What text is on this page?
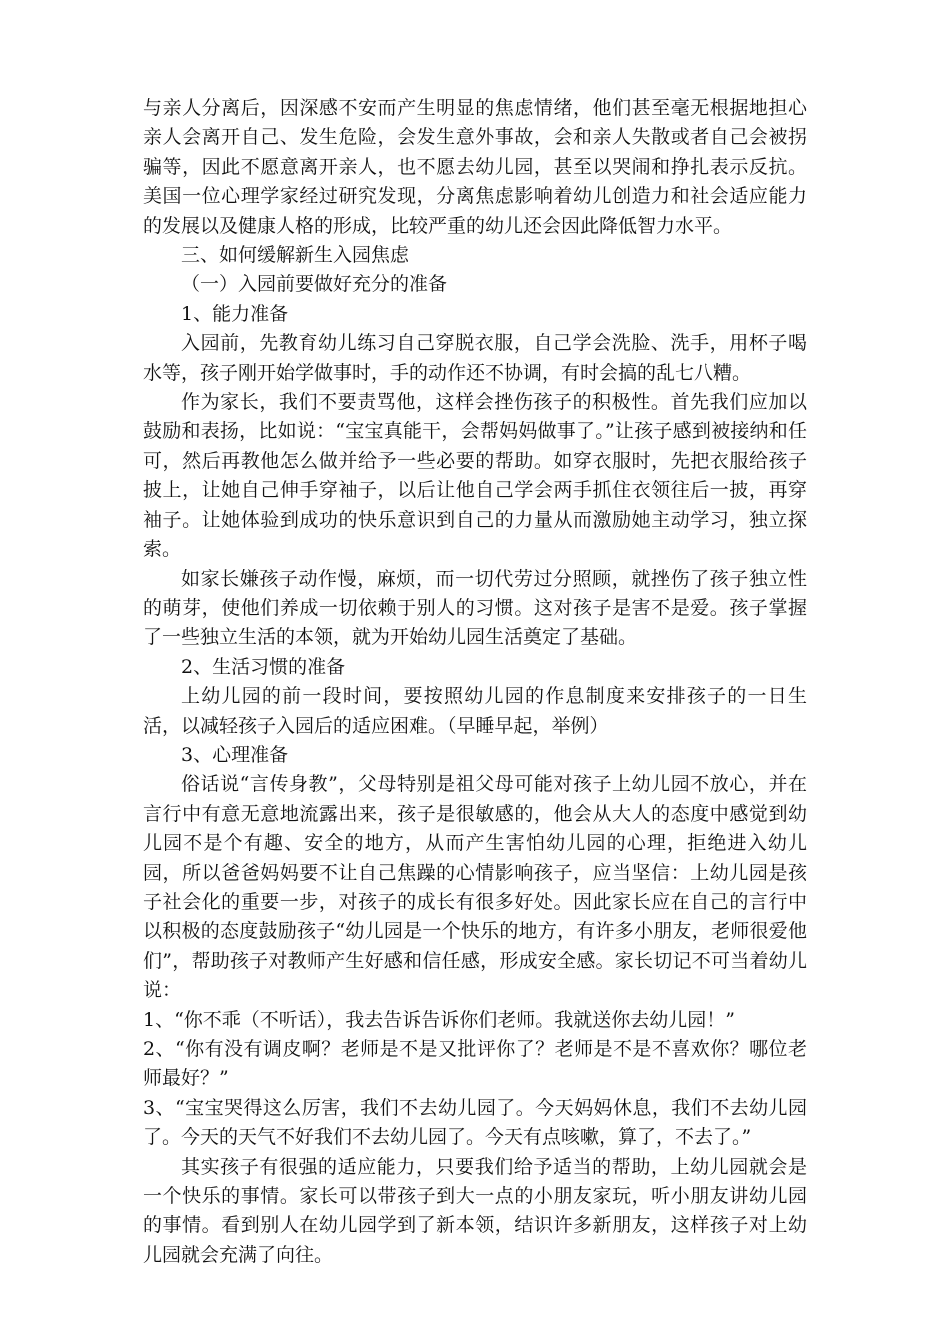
与亲人分离后，因深感不安而产生明显的焦虑情绪，他们甚至毫无根据地担心亲人会离开自己、发生危险，会发生意外事故，会和亲人失散或者自己会被拐骗等，因此不愿意离开亲人，也不愿去幼儿园，甚至以哭闹和挣扎表示反抗。美国一位心理学家经过研究发现，分离焦虑影响着幼儿创造力和社会适应能力的发展以及健康人格的形成，比较严重的幼儿还会因此降低智力水平。

三、如何缓解新生入园焦虑

（一）入园前要做好充分的准备

1、能力准备

入园前，先教育幼儿练习自己穿脱衣服，自己学会洗脸、洗手，用杯子喝水等，孩子刚开始学做事时，手的动作还不协调，有时会搞的乱七八糟。

作为家长，我们不要责骂他，这样会挫伤孩子的积极性。首先我们应加以鼓励和表扬，比如说：“宝宝真能干，会帮妈妈做事了。”让孩子感到被接纳和任可，然后再教他怎么做并给予一些必要的帮助。如穿衣服时，先把衣服给孩子披上，让她自己伸手穿袖子，以后让他自己学会两手抓住衣领往后一披，再穿袖子。让她体验到成功的快乐意识到自己的力量从而激励她主动学习，独立探索。

如家长嫌孩子动作慢，麻烦，而一切代劳过分照顾，就挫伤了孩子独立性的萌芽，使他们养成一切依赖于别人的习惯。这对孩子是害不是爱。孩子掌握了一些独立生活的本领，就为开始幼儿园生活奠定了基础。

2、生活习惯的准备

上幼儿园的前一段时间，要按照幼儿园的作息制度来安排孩子的一日生活，以减轻孩子入园后的适应困难。（早睡早起，举例）

3、心理准备

俗话说“言传身教”，父母特别是祖父母可能对孩子上幼儿园不放心，并在言行中有意无意地流露出来，孩子是很敏感的，他会从大人的态度中感觉到幼儿园不是个有趣、安全的地方，从而产生害怕幼儿园的心理，拒绝进入幼儿园，所以爸爸妈妈要不让自己焦躁的心情影响孩子，应当坚信：上幼儿园是孩子社会化的重要一步，对孩子的成长有很多好处。因此家长应在自己的言行中以积极的态度鼓励孩子“幼儿园是一个快乐的地方，有许多小朋友，老师很爱他们”，帮助孩子对教师产生好感和信任感，形成安全感。家长切记不可当着幼儿说：

1、“你不乖（不听话），我去告诉告诉你们老师。我就送你去幼儿园！”

2、“你有没有调皮啊？老师是不是又批评你了？老师是不是不喜欢你？哪位老师最好？”

3、“宝宝哭得这么厉害，我们不去幼儿园了。今天妈妈休息，我们不去幼儿园了。今天的天气不好我们不去幼儿园了。今天有点咳嗽，算了，不去了。”

其实孩子有很强的适应能力，只要我们给予适当的帮助，上幼儿园就会是一个快乐的事情。家长可以带孩子到大一点的小朋友家玩，听小朋友讲幼儿园的事情。看到别人在幼儿园学到了新本领，结识许多新朋友，这样孩子对上幼儿园就会充满了向往。
